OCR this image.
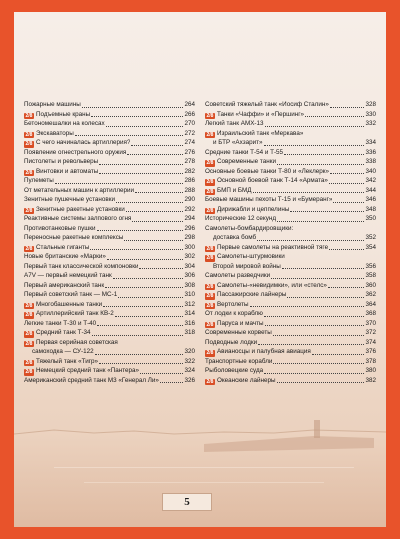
Пожарные машины	264
2/8 Подъемные краны	266
Бетономешалки на колесах	270
2/8 Экскаваторы	272
2/8 С чего начиналась артиллерия?	274
Появление огнестрельного оружия	276
Пистолеты и револьверы	278
2/8 Винтовки и автоматы	282
Пулеметы	286
От метательных машин к артиллерии	288
Зенитные пушечные установки	290
2/8 Зенитные ракетные установки	292
Реактивные системы залпового огня	294
Противотанковые пушки	296
Переносные ракетные комплексы	298
2/8 Стальные гиганты	300
Новые британские «Марки»	302
Первый танк классической компоновки	304
A7V — первый немецкий танк	306
Первый американский танк	308
Первый советский танк — МС-1	310
2/8 Многобашенные танки	312
2/8 Артиллерийский танк КВ-2	314
Легкие танки Т-30 и Т-40	316
2/8 Средний танк Т-34	318
2/8 Первая серийная советская
самоходка — СУ-122	320
2/8 Тяжелый танк «Тигр»	322
2/8 Немецкий средний танк «Пантера»	324
Американский средний танк М3 «Генерал Ли»	326
Советский тяжелый танк «Иосиф Сталин»	328
2/8 Танки «Чаффи» и «Першинг»	330
Легкий танк AMX-13	332
2/8 Израильский танк «Меркава»
и БТР «Ахзарит»	334
Средние танки Т-54 и Т-55	336
2/8 Современные танки	338
Основные боевые танки Т-80 и «Леклерк»	340
2/8 Основной боевой танк Т-14 «Армата»	342
2/8 БМП и БМД	344
Боевые машины пехоты Т-15 и «Бумеранг»	346
2/8 Дирижабли и цеппелины	348
Исторические 12 секунд	350
Самолеты-бомбардировщики:
доставка бомб	352
2/8 Первые самолеты на реактивной тяге	354
2/8 Самолеты-штурмовики
Второй мировой войны	356
Самолеты разведчики	358
2/8 Самолеты-«невидимки», или «стелс»	360
2/8 Пассажирские лайнеры	362
2/8 Вертолеты	364
От лодки к кораблю	368
2/8 Паруса и мачты	370
Современные корветы	372
Подводные лодки	374
2/8 Авианосцы и палубная авиация	376
Транспортные корабли	378
Рыболовецкие суда	380
2/8 Океанские лайнеры	382
5
